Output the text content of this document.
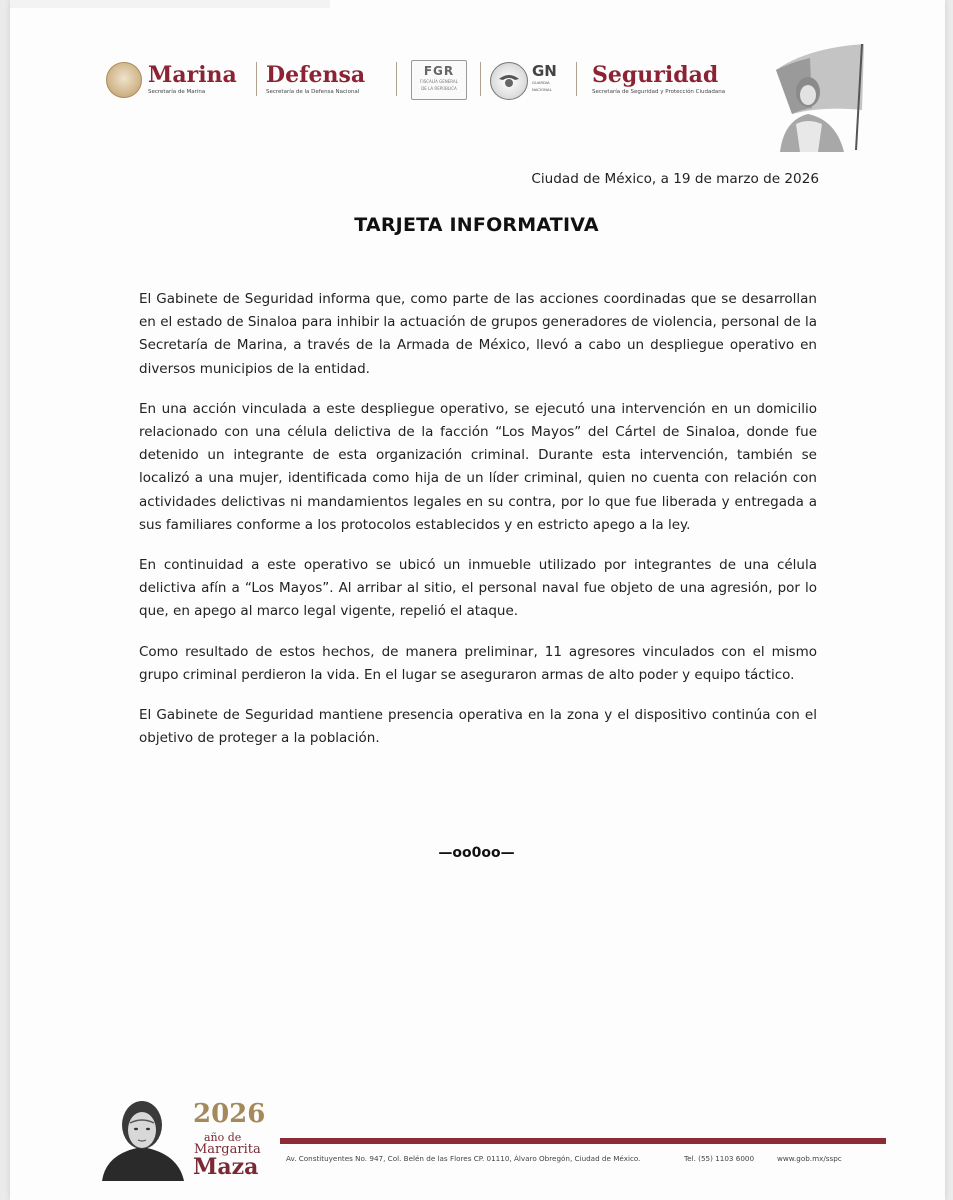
Marina
Secretaría de Marina
Defensa
Secretaría de la Defensa Nacional
FGR
FISCALÍA GENERAL
DE LA REPÚBLICA
GN
GUARDIA
NACIONAL
Seguridad
Secretaría de Seguridad y Protección Ciudadana
Ciudad de México, a 19 de marzo de 2026
TARJETA INFORMATIVA

El Gabinete de Seguridad informa que, como parte de las acciones coordinadas que se desarrollan en el estado de Sinaloa para inhibir la actuación de grupos generadores de violencia, personal de la Secretaría de Marina, a través de la Armada de México, llevó a cabo un despliegue operativo en diversos municipios de la entidad.

En una acción vinculada a este despliegue operativo, se ejecutó una intervención en un domicilio relacionado con una célula delictiva de la facción “Los Mayos” del Cártel de Sinaloa, donde fue detenido un integrante de esta organización criminal. Durante esta intervención, también se localizó a una mujer, identificada como hija de un líder criminal, quien no cuenta con relación con actividades delictivas ni mandamientos legales en su contra, por lo que fue liberada y entregada a sus familiares conforme a los protocolos establecidos y en estricto apego a la ley.

En continuidad a este operativo se ubicó un inmueble utilizado por integrantes de una célula delictiva afín a “Los Mayos”. Al arribar al sitio, el personal naval fue objeto de una agresión, por lo que, en apego al marco legal vigente, repelió el ataque.

Como resultado de estos hechos, de manera preliminar, 11 agresores vinculados con el mismo grupo criminal perdieron la vida. En el lugar se aseguraron armas de alto poder y equipo táctico.

El Gabinete de Seguridad mantiene presencia operativa en la zona y el dispositivo continúa con el objetivo de proteger a la población.

—oo0oo—
2026
año de
Margarita
Maza	Av. Constituyentes No. 947, Col. Belén de las Flores CP. 01110, Álvaro Obregón, Ciudad de México.	Tel. (55) 1103 6000	www.gob.mx/sspc
